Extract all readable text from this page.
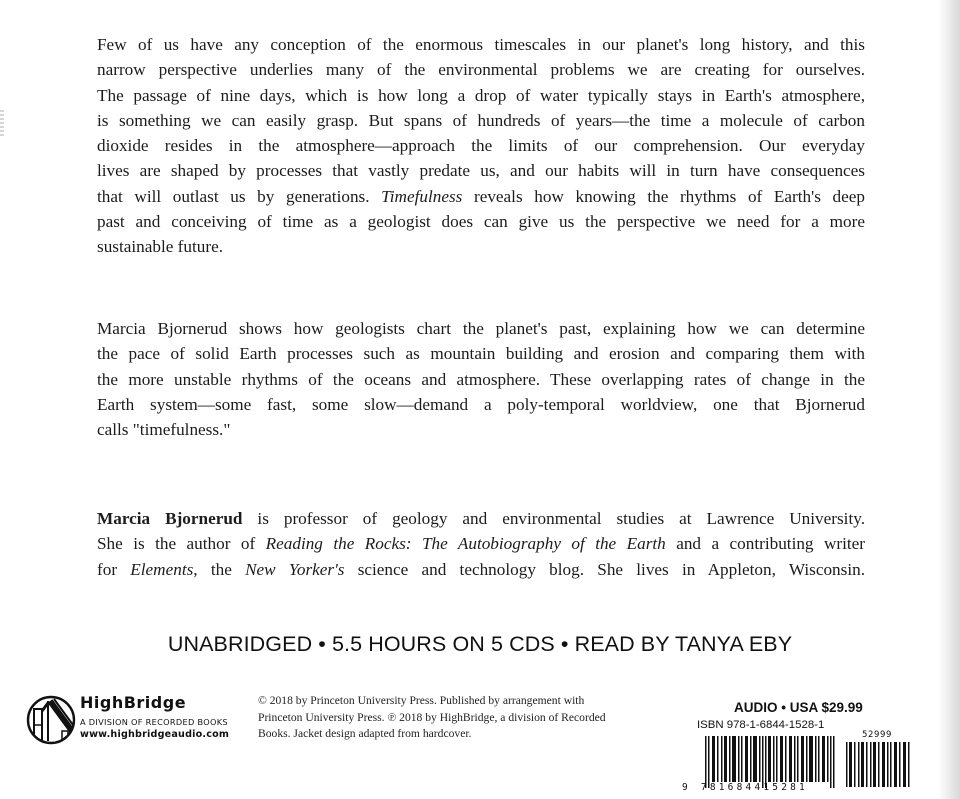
Few of us have any conception of the enormous timescales in our planet's long history, and this
narrow perspective underlies many of the environmental problems we are creating for ourselves.
The passage of nine days, which is how long a drop of water typically stays in Earth's atmosphere,
is something we can easily grasp. But spans of hundreds of years—the time a molecule of carbon
dioxide resides in the atmosphere—approach the limits of our comprehension. Our everyday
lives are shaped by processes that vastly predate us, and our habits will in turn have consequences
that will outlast us by generations. Timefulness reveals how knowing the rhythms of Earth's deep
past and conceiving of time as a geologist does can give us the perspective we need for a more
sustainable future.
Marcia Bjornerud shows how geologists chart the planet's past, explaining how we can determine
the pace of solid Earth processes such as mountain building and erosion and comparing them with
the more unstable rhythms of the oceans and atmosphere. These overlapping rates of change in the
Earth system—some fast, some slow—demand a poly-temporal worldview, one that Bjornerud
calls "timefulness."
Marcia Bjornerud is professor of geology and environmental studies at Lawrence University.
She is the author of Reading the Rocks: The Autobiography of the Earth and a contributing writer
for Elements, the New Yorker's science and technology blog. She lives in Appleton, Wisconsin.
UNABRIDGED • 5.5 HOURS ON 5 CDS • READ BY TANYA EBY
HighBridge
A DIVISION OF RECORDED BOOKS
www.highbridgeaudio.com
© 2018 by Princeton University Press. Published by arrangement with
Princeton University Press. ℗ 2018 by HighBridge, a division of Recorded
Books. Jacket design adapted from hardcover.
AUDIO • USA $29.99
ISBN 978-1-6844-1528-1
9 781684415281
52999
